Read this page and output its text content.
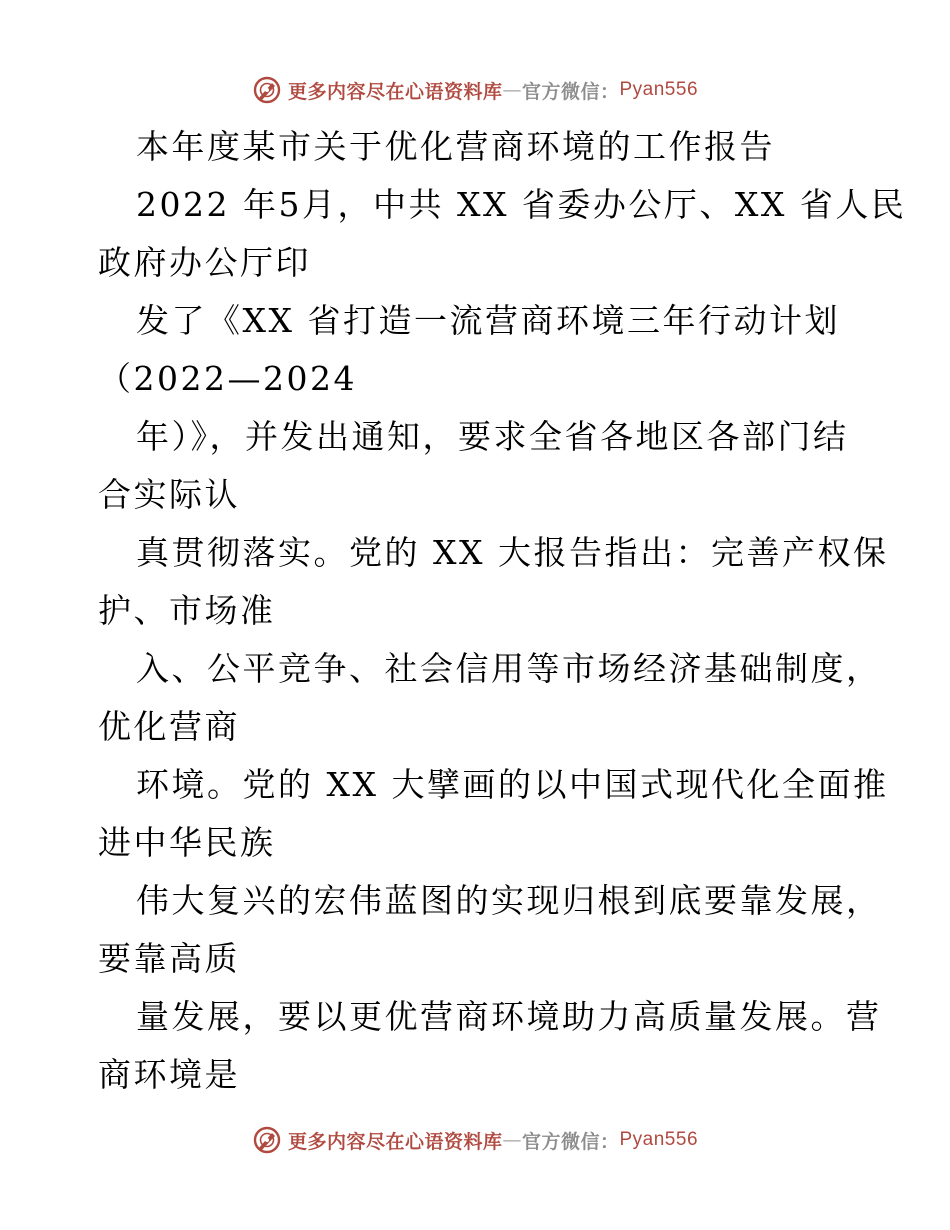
更多内容尽在心语资料库 — 官方微信： Pyan556
本年度某市关于优化营商环境的工作报告
2022 年5月，中共 XX 省委办公厅、XX 省人民
政府办公厅印
发了《XX 省打造一流营商环境三年行动计划
（2022—2024
年）》，并发出通知，要求全省各地区各部门结
合实际认
真贯彻落实。党的 XX 大报告指出：完善产权保
护、市场准
入、公平竞争、社会信用等市场经济基础制度，
优化营商
环境。党的 XX 大擘画的以中国式现代化全面推
进中华民族
伟大复兴的宏伟蓝图的实现归根到底要靠发展，
要靠高质
量发展，要以更优营商环境助力高质量发展。营
商环境是
更多内容尽在心语资料库 — 官方微信： Pyan556
